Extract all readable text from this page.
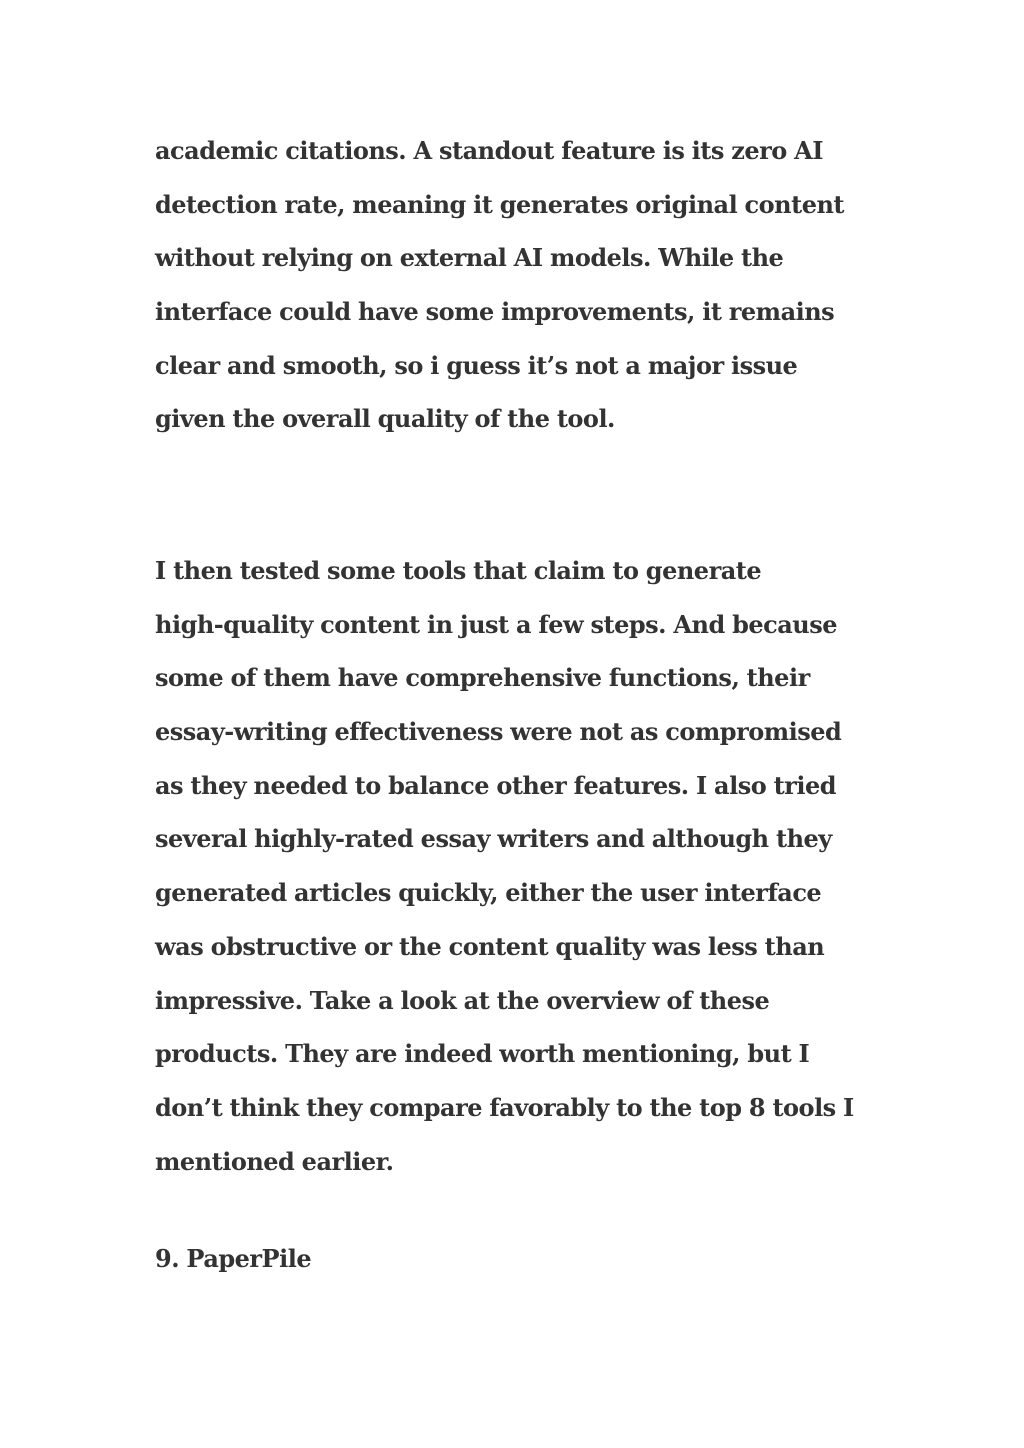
academic citations. A standout feature is its zero AI
detection rate, meaning it generates original content
without relying on external AI models. While the
interface could have some improvements, it remains
clear and smooth, so i guess it’s not a major issue
given the overall quality of the tool.
I then tested some tools that claim to generate
high-quality content in just a few steps. And because
some of them have comprehensive functions, their
essay-writing effectiveness were not as compromised
as they needed to balance other features. I also tried
several highly-rated essay writers and although they
generated articles quickly, either the user interface
was obstructive or the content quality was less than
impressive. Take a look at the overview of these
products. They are indeed worth mentioning, but I
don’t think they compare favorably to the top 8 tools I
mentioned earlier.
9. PaperPile
